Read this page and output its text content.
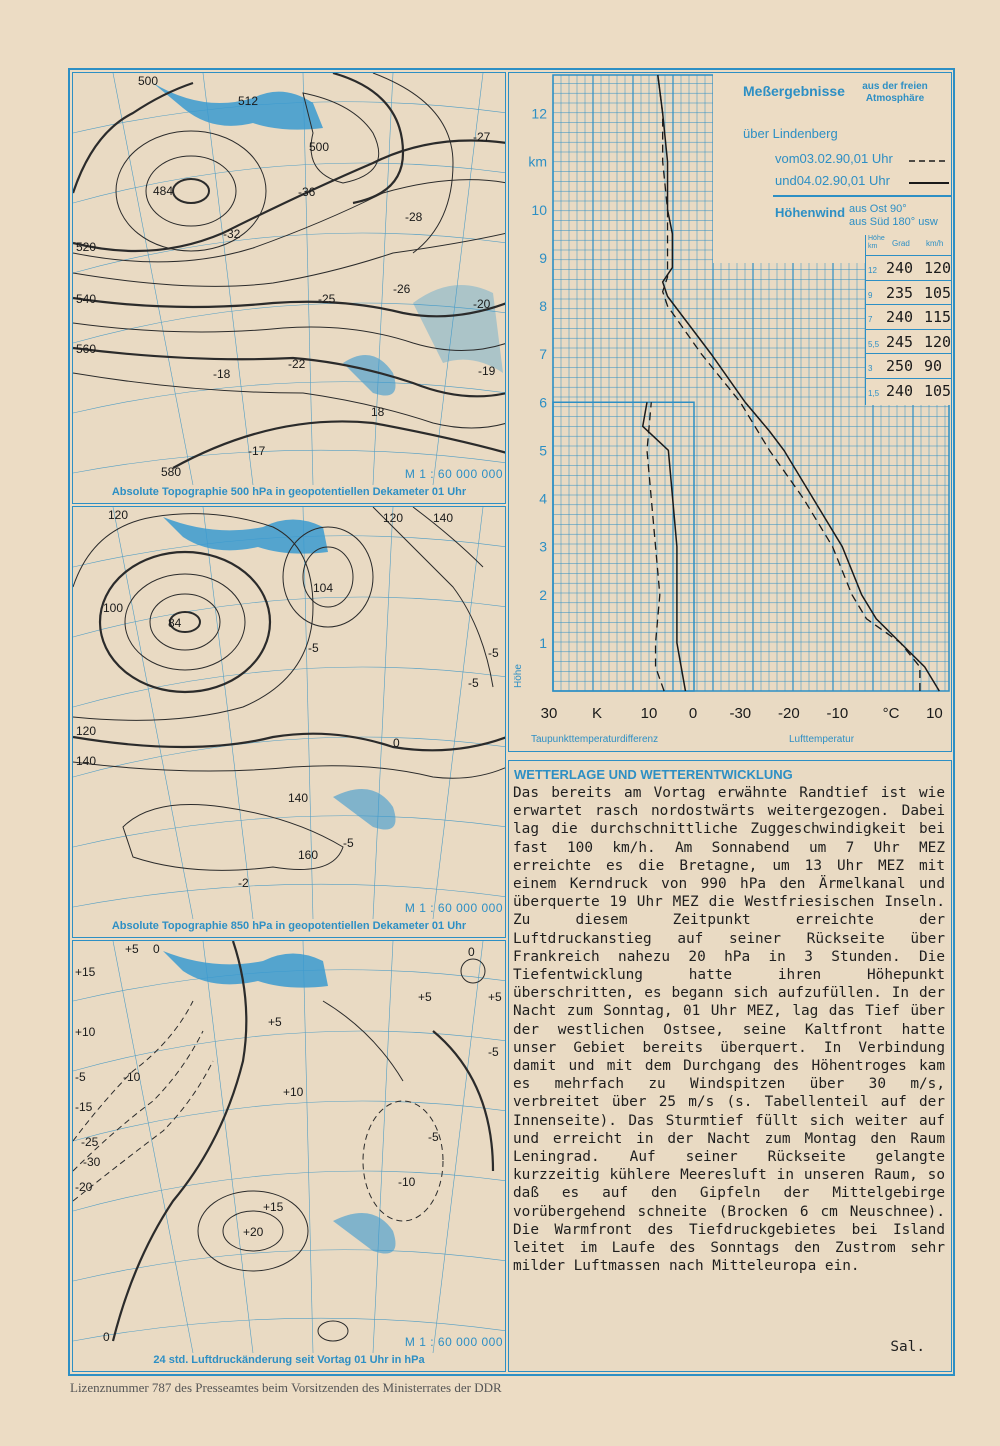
500
512
500
484
520
540
560
580
-36
-32
-28
-27
-26
-25	-20
-22	-19
-18
18
-17
M 1 : 60 000 000
Absolute Topographie 500 hPa in geopotentiellen Dekameter 01 Uhr
120	120 140
100
84
104
-5	-5
140
120
160
140
0
-5
-5
-2
M 1 : 60 000 000
Absolute Topographie 850 hPa in geopotentiellen Dekameter 01 Uhr
+5 0
+15
+10
-5	-10
-15
-20
-25
-30
+10
+5
+20
+15
-5
-10
+5
0
+5
-5
0	M 1 : 60 000 000
24 std. Luftdruckänderung seit Vortag 01 Uhr in hPa
12
km
10
9
8
7
6
5
4
3
2
1
Höhe
30 K	10 0 -30 -20 -10 °C 10
Taupunkttemperaturdifferenz	Lufttemperatur
Meßergebnisse	aus der freien Atmosphäre
über Lindenberg
vom03.02.90,01 Uhr
und04.02.90,01 Uhr
Höhenwind aus Ost 90°
aus Süd 180° usw
Höhe km	Grad km/h
12 240 120
9 235 105
7 240 115
5,5 245 120
3 250 90
1,5 240 105
WETTERLAGE UND WETTERENTWICKLUNG
Das bereits am Vortag erwähnte Randtief ist wie erwartet rasch nordostwärts weitergezogen. Dabei lag die durchschnittliche Zuggeschwindigkeit bei fast 100 km/h. Am Sonnabend um 7 Uhr MEZ erreichte es die Bretagne, um 13 Uhr MEZ mit einem Kerndruck von 990 hPa den Ärmelkanal und überquerte 19 Uhr MEZ die Westfriesischen Inseln. Zu diesem Zeitpunkt erreichte der Luftdruckanstieg auf seiner Rückseite über Frankreich nahezu 20 hPa in 3 Stunden. Die Tiefentwicklung hatte ihren Höhepunkt überschritten, es begann sich aufzufüllen. In der Nacht zum Sonntag, 01 Uhr MEZ, lag das Tief über der westlichen Ostsee, seine Kaltfront hatte unser Gebiet bereits überquert. In Verbindung damit und mit dem Durchgang des Höhentroges kam es mehrfach zu Windspitzen über 30 m/s, verbreitet über 25 m/s (s. Tabellenteil auf der Innenseite). Das Sturmtief füllt sich weiter auf und erreicht in der Nacht zum Montag den Raum Leningrad. Auf seiner Rückseite gelangte kurzzeitig kühlere Meeresluft in unseren Raum, so daß es auf den Gipfeln der Mittelgebirge vorübergehend schneite (Brocken 6 cm Neuschnee). Die Warmfront des Tiefdruckgebietes bei Island leitet im Laufe des Sonntags den Zustrom sehr milder Luftmassen nach Mitteleuropa ein.
Sal.
Lizenznummer 787 des Presseamtes beim Vorsitzenden des Ministerrates der DDR
